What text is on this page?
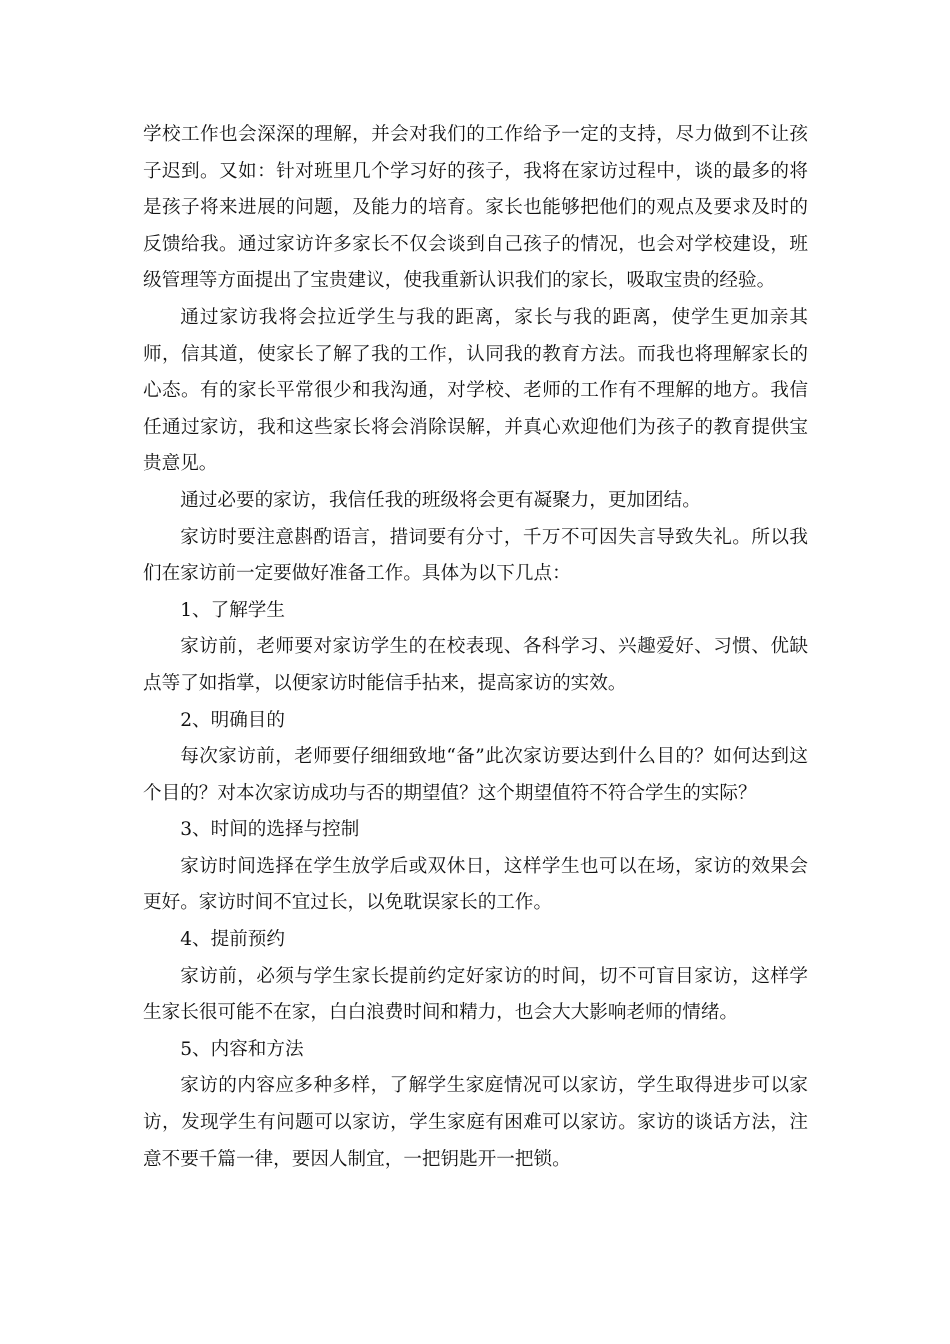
学校工作也会深深的理解，并会对我们的工作给予一定的支持，尽力做到不让孩子迟到。又如：针对班里几个学习好的孩子，我将在家访过程中，谈的最多的将是孩子将来进展的问题，及能力的培育。家长也能够把他们的观点及要求及时的反馈给我。通过家访许多家长不仅会谈到自己孩子的情况，也会对学校建设，班级管理等方面提出了宝贵建议，使我重新认识我们的家长，吸取宝贵的经验。

通过家访我将会拉近学生与我的距离，家长与我的距离，使学生更加亲其师，信其道，使家长了解了我的工作，认同我的教育方法。而我也将理解家长的心态。有的家长平常很少和我沟通，对学校、老师的工作有不理解的地方。我信任通过家访，我和这些家长将会消除误解，并真心欢迎他们为孩子的教育提供宝贵意见。

通过必要的家访，我信任我的班级将会更有凝聚力，更加团结。

家访时要注意斟酌语言，措词要有分寸，千万不可因失言导致失礼。所以我们在家访前一定要做好准备工作。具体为以下几点：

1、了解学生

家访前，老师要对家访学生的在校表现、各科学习、兴趣爱好、习惯、优缺点等了如指掌，以便家访时能信手拈来，提高家访的实效。

2、明确目的

每次家访前，老师要仔细细致地“备”此次家访要达到什么目的？如何达到这个目的？对本次家访成功与否的期望值？这个期望值符不符合学生的实际？

3、时间的选择与控制

家访时间选择在学生放学后或双休日，这样学生也可以在场，家访的效果会更好。家访时间不宜过长，以免耽误家长的工作。

4、提前预约

家访前，必须与学生家长提前约定好家访的时间，切不可盲目家访，这样学生家长很可能不在家，白白浪费时间和精力，也会大大影响老师的情绪。

5、内容和方法

家访的内容应多种多样，了解学生家庭情况可以家访，学生取得进步可以家访，发现学生有问题可以家访，学生家庭有困难可以家访。家访的谈话方法，注意不要千篇一律，要因人制宜，一把钥匙开一把锁。
